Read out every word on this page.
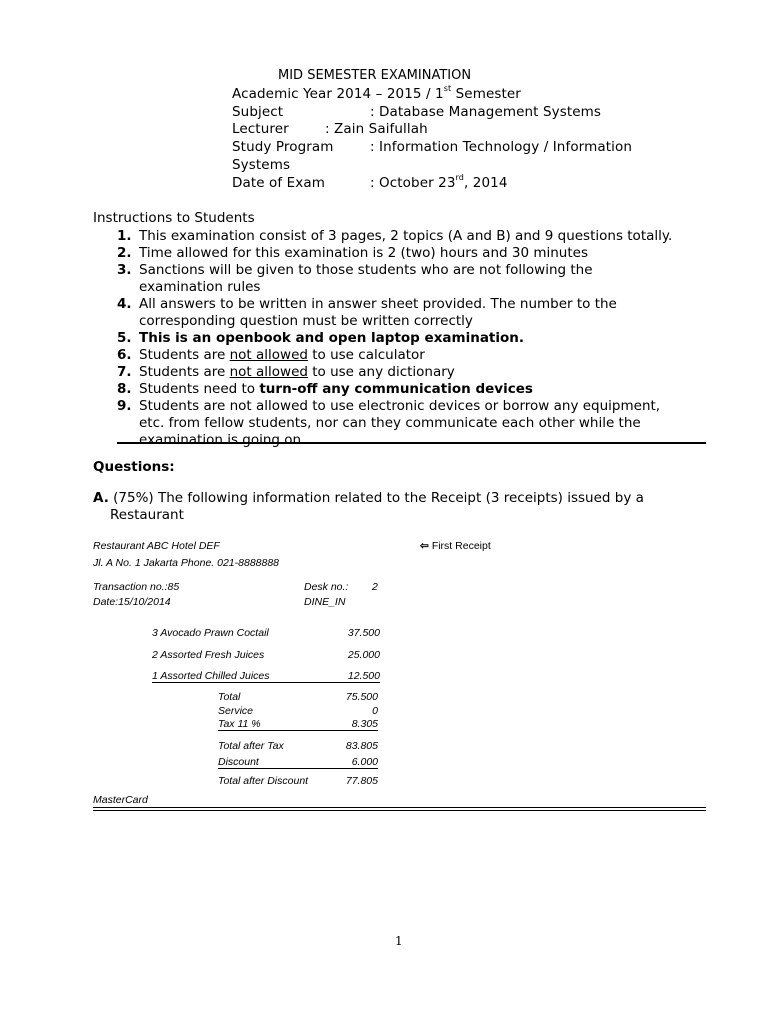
MID SEMESTER EXAMINATION
Academic Year 2014 – 2015 / 1st Semester
Subject	: Database Management Systems
Lecturer	: Zain Saifullah
Study Program	: Information Technology / Information
Systems
Date of Exam	: October 23rd, 2014
Instructions to Students
1. This examination consist of 3 pages, 2 topics (A and B) and 9 questions totally.
2. Time allowed for this examination is 2 (two) hours and 30 minutes
3. Sanctions will be given to those students who are not following the
examination rules
4. All answers to be written in answer sheet provided. The number to the
corresponding question must be written correctly
5. This is an openbook and open laptop examination.
6. Students are not allowed to use calculator
7. Students are not allowed to use any dictionary
8. Students need to turn-off any communication devices
9. Students are not allowed to use electronic devices or borrow any equipment,
etc. from fellow students, nor can they communicate each other while the
examination is going on
Questions:
A. (75%) The following information related to the Receipt (3 receipts) issued by a
Restaurant
Restaurant ABC Hotel DEF	⇦ First Receipt
Jl. A No. 1 Jakarta Phone. 021-8888888
Transaction no.:85	Desk no.: 2
Date:15/10/2014	DINE_IN
3 Avocado Prawn Coctail	37.500
2 Assorted Fresh Juices	25.000
1 Assorted Chilled Juices	12.500
Total	75.500
Service	0
Tax 11 %	8.305
Total after Tax	83.805
Discount	6.000
Total after Discount	77.805
MasterCard
1
